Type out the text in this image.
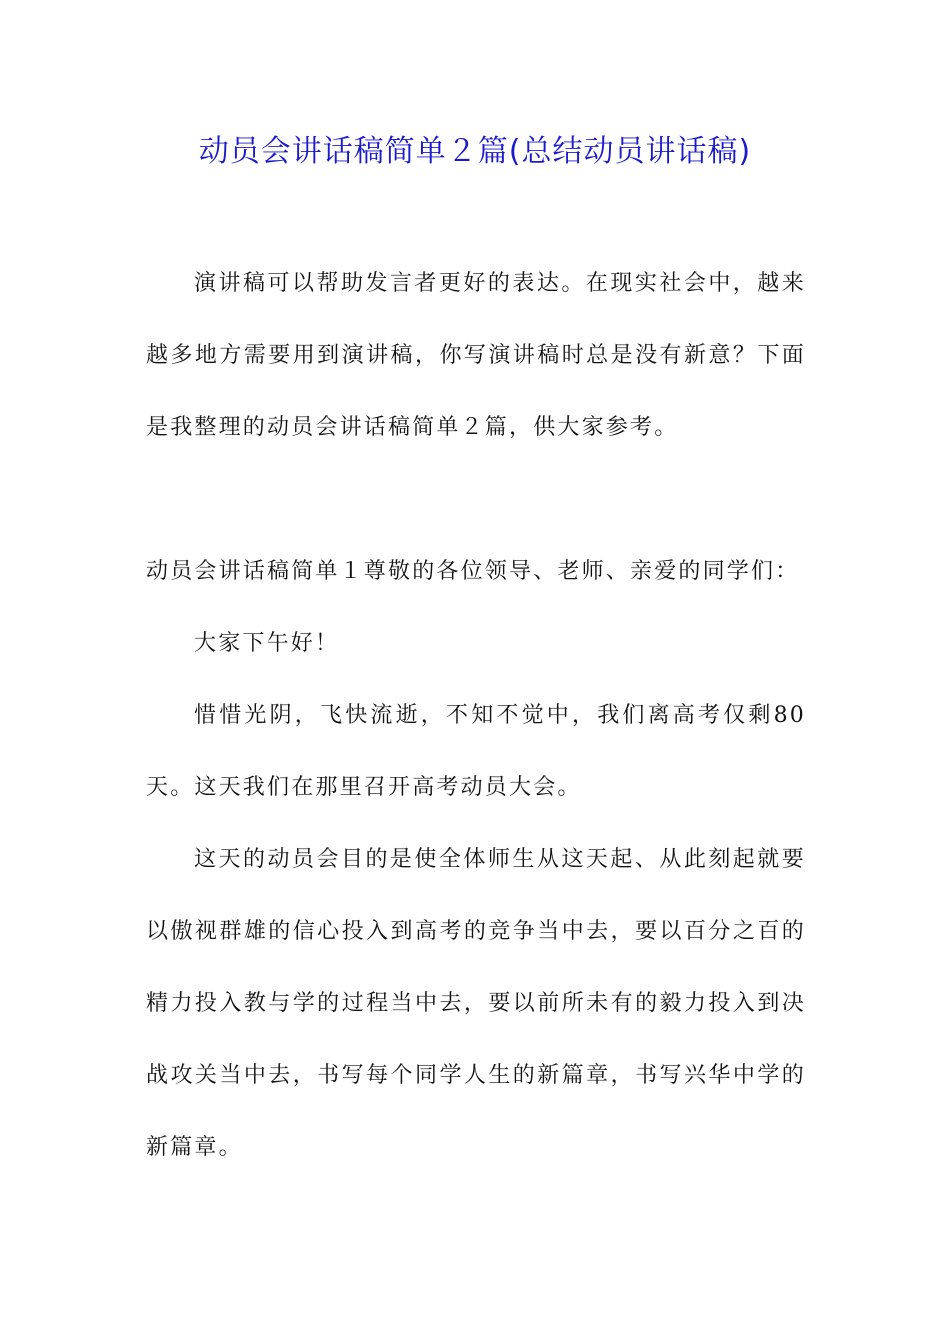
动员会讲话稿简单２篇(总结动员讲话稿)

演讲稿可以帮助发言者更好的表达。在现实社会中，越来越多地方需要用到演讲稿，你写演讲稿时总是没有新意？下面是我整理的动员会讲话稿简单２篇，供大家参考。

动员会讲话稿简单１尊敬的各位领导、老师、亲爱的同学们：

大家下午好！

惜惜光阴，飞快流逝，不知不觉中，我们离高考仅剩80天。这天我们在那里召开高考动员大会。

这天的动员会目的是使全体师生从这天起、从此刻起就要以傲视群雄的信心投入到高考的竞争当中去，要以百分之百的精力投入教与学的过程当中去，要以前所未有的毅力投入到决战攻关当中去，书写每个同学人生的新篇章，书写兴华中学的新篇章。
